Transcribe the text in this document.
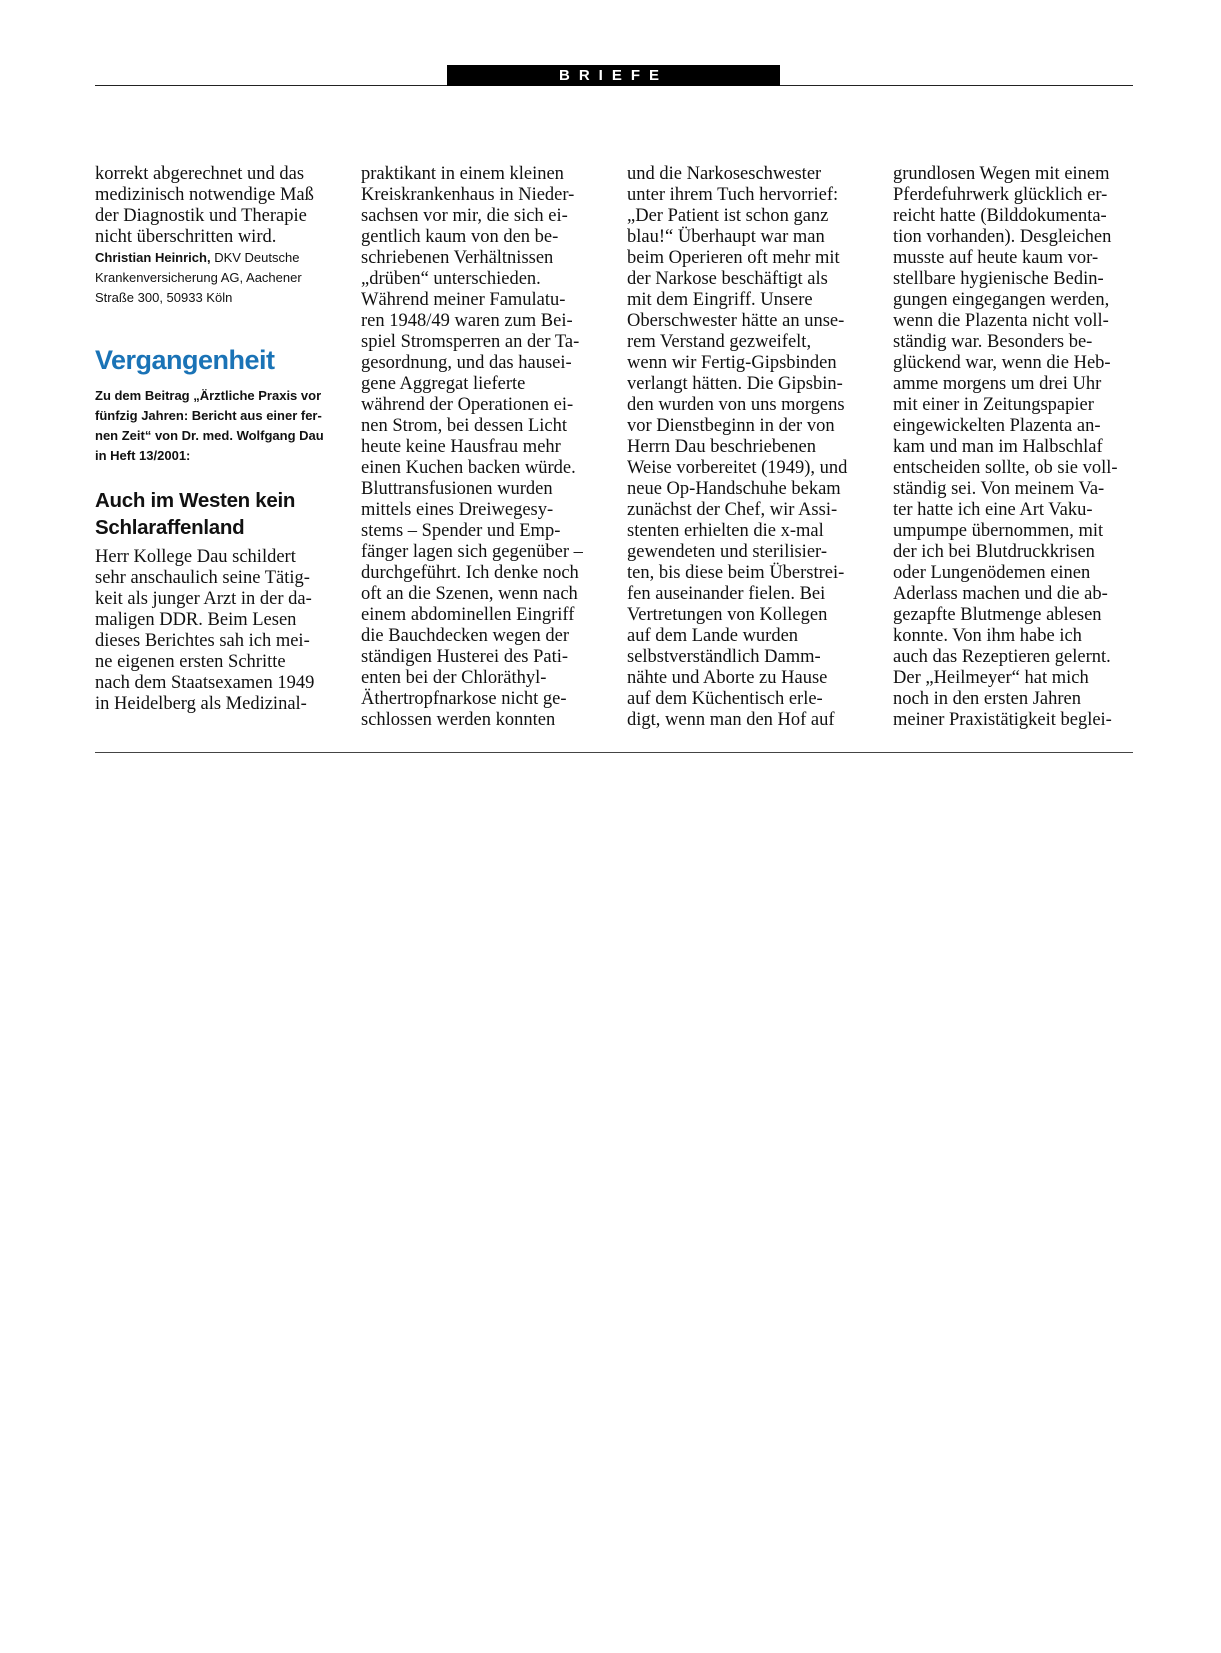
BRIEFE
korrekt abgerechnet und das
medizinisch notwendige Maß
der Diagnostik und Therapie
nicht überschritten wird.
Christian Heinrich, DKV Deutsche
Krankenversicherung AG, Aachener
Straße 300, 50933 Köln
Vergangenheit
Zu dem Beitrag „Ärztliche Praxis vor
fünfzig Jahren: Bericht aus einer fer-
nen Zeit“ von Dr. med. Wolfgang Dau
in Heft 13/2001:
Auch im Westen kein
Schlaraffenland
Herr Kollege Dau schildert
sehr anschaulich seine Tätig-
keit als junger Arzt in der da-
maligen DDR. Beim Lesen
dieses Berichtes sah ich mei-
ne eigenen ersten Schritte
nach dem Staatsexamen 1949
in Heidelberg als Medizinal-
praktikant in einem kleinen
Kreiskrankenhaus in Nieder-
sachsen vor mir, die sich ei-
gentlich kaum von den be-
schriebenen Verhältnissen
„drüben“ unterschieden.
Während meiner Famulatu-
ren 1948/49 waren zum Bei-
spiel Stromsperren an der Ta-
gesordnung, und das hausei-
gene Aggregat lieferte
während der Operationen ei-
nen Strom, bei dessen Licht
heute keine Hausfrau mehr
einen Kuchen backen würde.
Bluttransfusionen wurden
mittels eines Dreiwegesy-
stems – Spender und Emp-
fänger lagen sich gegenüber –
durchgeführt. Ich denke noch
oft an die Szenen, wenn nach
einem abdominellen Eingriff
die Bauchdecken wegen der
ständigen Husterei des Pati-
enten bei der Chloräthyl-
Äthertropfnarkose nicht ge-
schlossen werden konnten
und die Narkoseschwester
unter ihrem Tuch hervorrief:
„Der Patient ist schon ganz
blau!“ Überhaupt war man
beim Operieren oft mehr mit
der Narkose beschäftigt als
mit dem Eingriff. Unsere
Oberschwester hätte an unse-
rem Verstand gezweifelt,
wenn wir Fertig-Gipsbinden
verlangt hätten. Die Gipsbin-
den wurden von uns morgens
vor Dienstbeginn in der von
Herrn Dau beschriebenen
Weise vorbereitet (1949), und
neue Op-Handschuhe bekam
zunächst der Chef, wir Assi-
stenten erhielten die x-mal
gewendeten und sterilisier-
ten, bis diese beim Überstrei-
fen auseinander fielen. Bei
Vertretungen von Kollegen
auf dem Lande wurden
selbstverständlich Damm-
nähte und Aborte zu Hause
auf dem Küchentisch erle-
digt, wenn man den Hof auf
grundlosen Wegen mit einem
Pferdefuhrwerk glücklich er-
reicht hatte (Bilddokumenta-
tion vorhanden). Desgleichen
musste auf heute kaum vor-
stellbare hygienische Bedin-
gungen eingegangen werden,
wenn die Plazenta nicht voll-
ständig war. Besonders be-
glückend war, wenn die Heb-
amme morgens um drei Uhr
mit einer in Zeitungspapier
eingewickelten Plazenta an-
kam und man im Halbschlaf
entscheiden sollte, ob sie voll-
ständig sei. Von meinem Va-
ter hatte ich eine Art Vaku-
umpumpe übernommen, mit
der ich bei Blutdruckkrisen
oder Lungenödemen einen
Aderlass machen und die ab-
gezapfte Blutmenge ablesen
konnte. Von ihm habe ich
auch das Rezeptieren gelernt.
Der „Heilmeyer“ hat mich
noch in den ersten Jahren
meiner Praxistätigkeit beglei-
